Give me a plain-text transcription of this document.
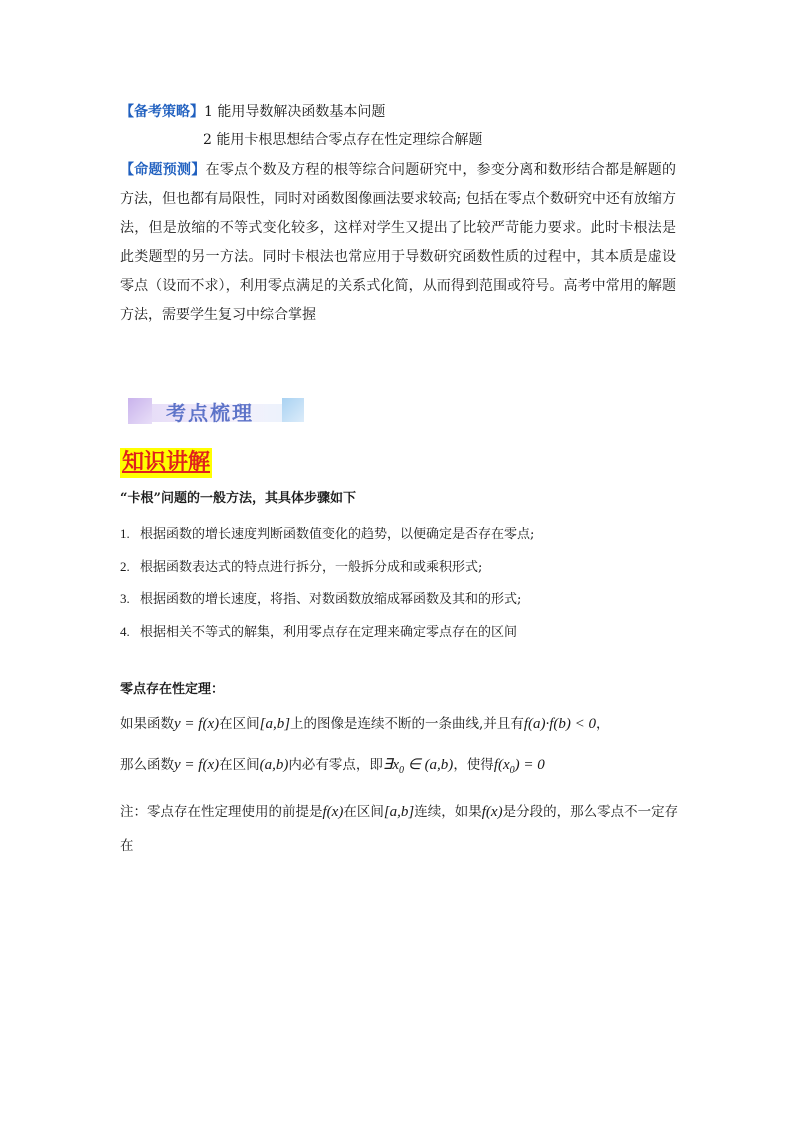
【备考策略】1 能用导数解决函数基本问题

2 能用卡根思想结合零点存在性定理综合解题

【命题预测】在零点个数及方程的根等综合问题研究中，参变分离和数形结合都是解题的方法，但也都有局限性，同时对函数图像画法要求较高; 包括在零点个数研究中还有放缩方法，但是放缩的不等式变化较多，这样对学生又提出了比较严苛能力要求。此时卡根法是此类题型的另一方法。同时卡根法也常应用于导数研究函数性质的过程中，其本质是虚设零点（设而不求），利用零点满足的关系式化简，从而得到范围或符号。高考中常用的解题方法，需要学生复习中综合掌握

考点梳理
知识讲解
“卡根”问题的一般方法，其具体步骤如下
1. 根据函数的增长速度判断函数值变化的趋势，以便确定是否存在零点;
2. 根据函数表达式的特点进行拆分，一般拆分成和或乘积形式;
3. 根据函数的增长速度，将指、对数函数放缩成幂函数及其和的形式;
4. 根据相关不等式的解集，利用零点存在定理来确定零点存在的区间
零点存在性定理：
如果函数y = f(x)在区间[a,b]上的图像是连续不断的一条曲线,并且有f(a)·f(b) < 0，
那么函数y = f(x)在区间(a,b)内必有零点，即$\exists x_0$ ∈ (a,b)，使得$f(x_0) = 0$

注：零点存在性定理使用的前提是f(x)在区间[a,b]连续，如果f(x)是分段的，那么零点不一定存在
